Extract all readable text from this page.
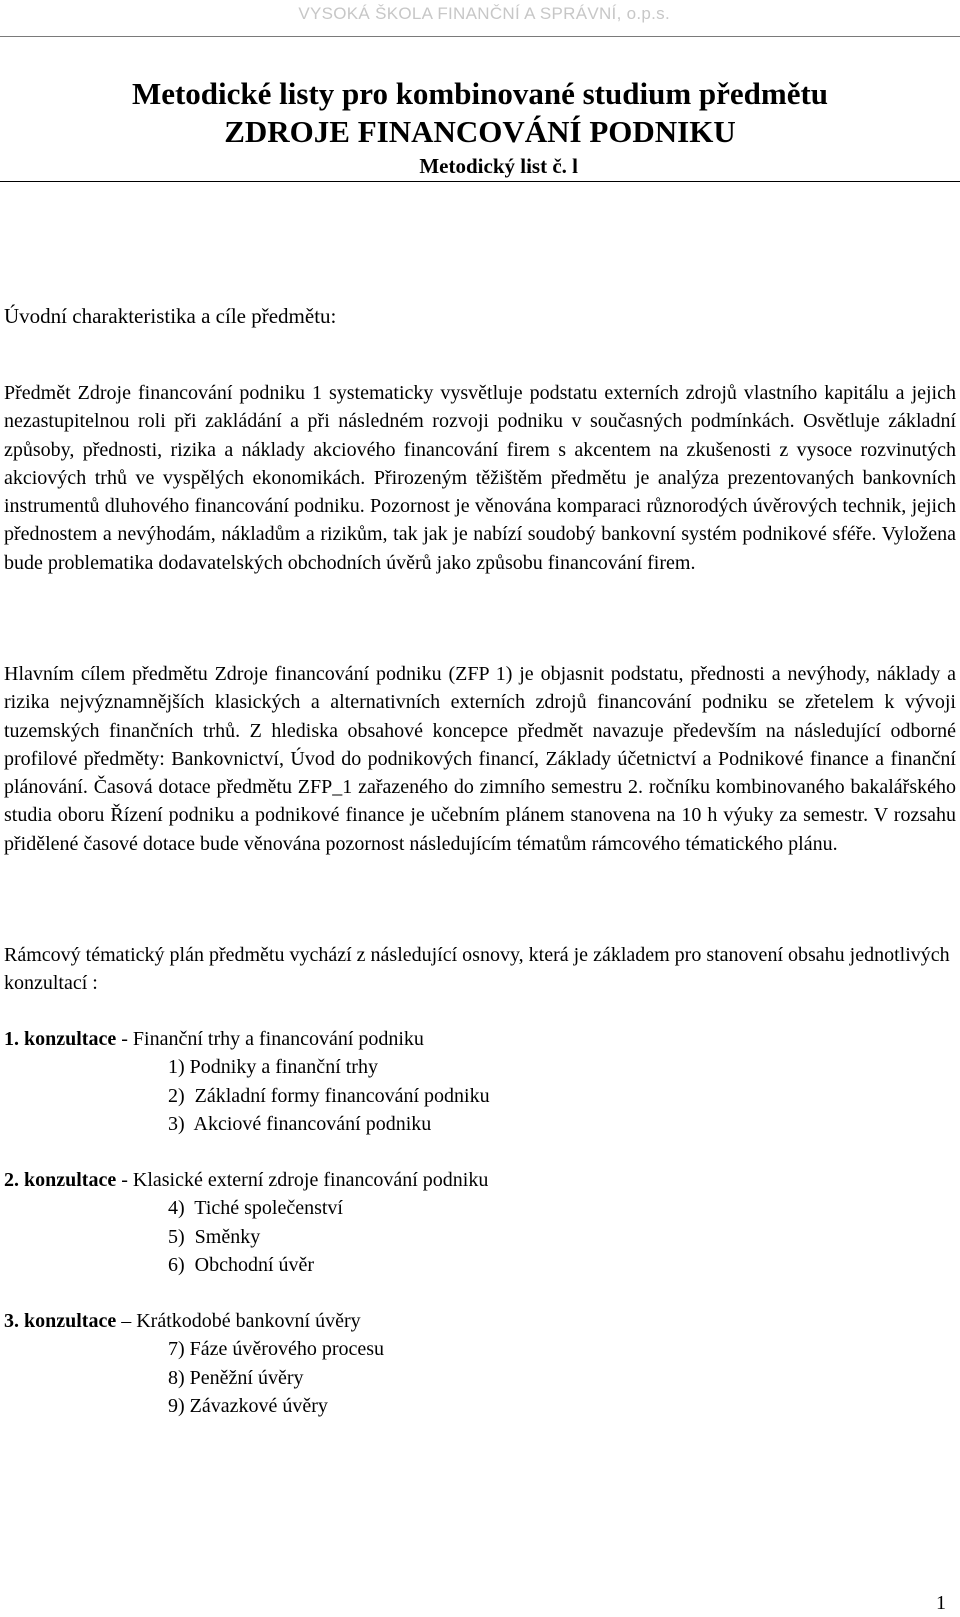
VYSOKÁ ŠKOLA FINANČNÍ A SPRÁVNÍ, o.p.s.
Metodické listy pro kombinované studium předmětu
ZDROJE FINANCOVÁNÍ PODNIKU
Metodický list č. l
Úvodní charakteristika a cíle předmětu:
Předmět Zdroje financování podniku 1 systematicky vysvětluje podstatu externích zdrojů vlastního kapitálu a jejich nezastupitelnou roli při zakládání a při následném rozvoji podniku v současných podmínkách. Osvětluje základní způsoby, přednosti, rizika a náklady akciového financování firem s akcentem na zkušenosti z vysoce rozvinutých akciových trhů ve vyspělých ekonomikách. Přirozeným těžištěm předmětu je analýza prezentovaných bankovních instrumentů dluhového financování podniku. Pozornost je věnována komparaci různorodých úvěrových technik, jejich přednostem a nevýhodám, nákladům a rizikům, tak jak je nabízí soudobý bankovní systém podnikové sféře. Vyložena bude problematika dodavatelských obchodních úvěrů jako způsobu financování firem.
Hlavním cílem předmětu Zdroje financování podniku (ZFP 1) je objasnit podstatu, přednosti a nevýhody, náklady a rizika nejvýznamnějších klasických a alternativních externích zdrojů financování podniku se zřetelem k vývoji tuzemských finančních trhů. Z hlediska obsahové koncepce předmět navazuje především na následující odborné profilové předměty: Bankovnictví, Úvod do podnikových financí, Základy účetnictví a Podnikové finance a finanční plánování. Časová dotace předmětu ZFP_1 zařazeného do zimního semestru 2. ročníku kombinovaného bakalářského studia oboru Řízení podniku a podnikové finance je učebním plánem stanovena na 10 h výuky za semestr. V rozsahu přidělené časové dotace bude věnována pozornost následujícím tématům rámcového tématického plánu.
Rámcový tématický plán předmětu vychází z následující osnovy, která je základem pro stanovení obsahu jednotlivých konzultací :
1. konzultace - Finanční trhy a financování podniku
1) Podniky a finanční trhy
2)  Základní formy financování podniku
3)  Akciové financování podniku
2. konzultace - Klasické externí zdroje financování podniku
4)  Tiché společenství
5)  Směnky
6)  Obchodní úvěr
3. konzultace – Krátkodobé bankovní úvěry
7) Fáze úvěrového procesu
8) Peněžní úvěry
9) Závazkové úvěry
1
